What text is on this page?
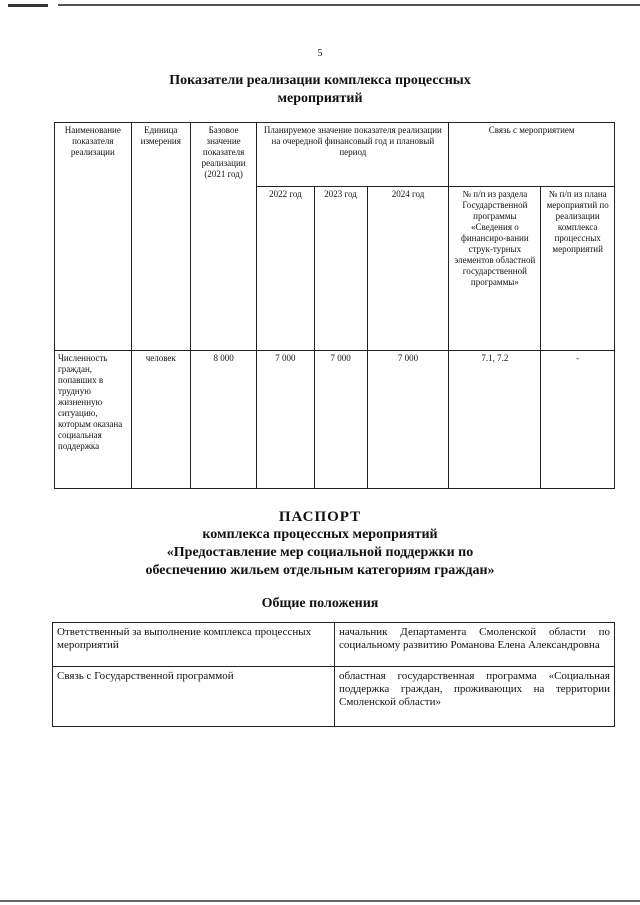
5
Показатели реализации комплекса процессных
мероприятий
Наименование показателя реализации	Единица измерения	Базовое значение показателя реализации (2021 год)	Планируемое значение показателя реализации на очередной финансовый год и плановый период			Связь с мероприятием	
			2022 год	2023 год	2024 год	№ п/п из раздела Государственной программы «Сведения о финансиро-вании струк-турных элементов областной государственной программы»	№ п/п из плана мероприятий по реализации комплекса процессных мероприятий
Численность граждан, попавших в трудную жизненную ситуацию, которым оказана социальная поддержка	человек	8 000	7 000	7 000	7 000	7.1, 7.2	-
ПАСПОРТ
комплекса процессных мероприятий
«Предоставление мер социальной поддержки по
обеспечению жильем отдельным категориям граждан»
Общие положения
Ответственный за выполнение комплекса процессных мероприятий	начальник Департамента Смоленской области по социальному развитию Романова Елена Александровна
Связь с Государственной программой	областная государственная программа «Социальная поддержка граждан, проживающих на территории Смоленской области»
